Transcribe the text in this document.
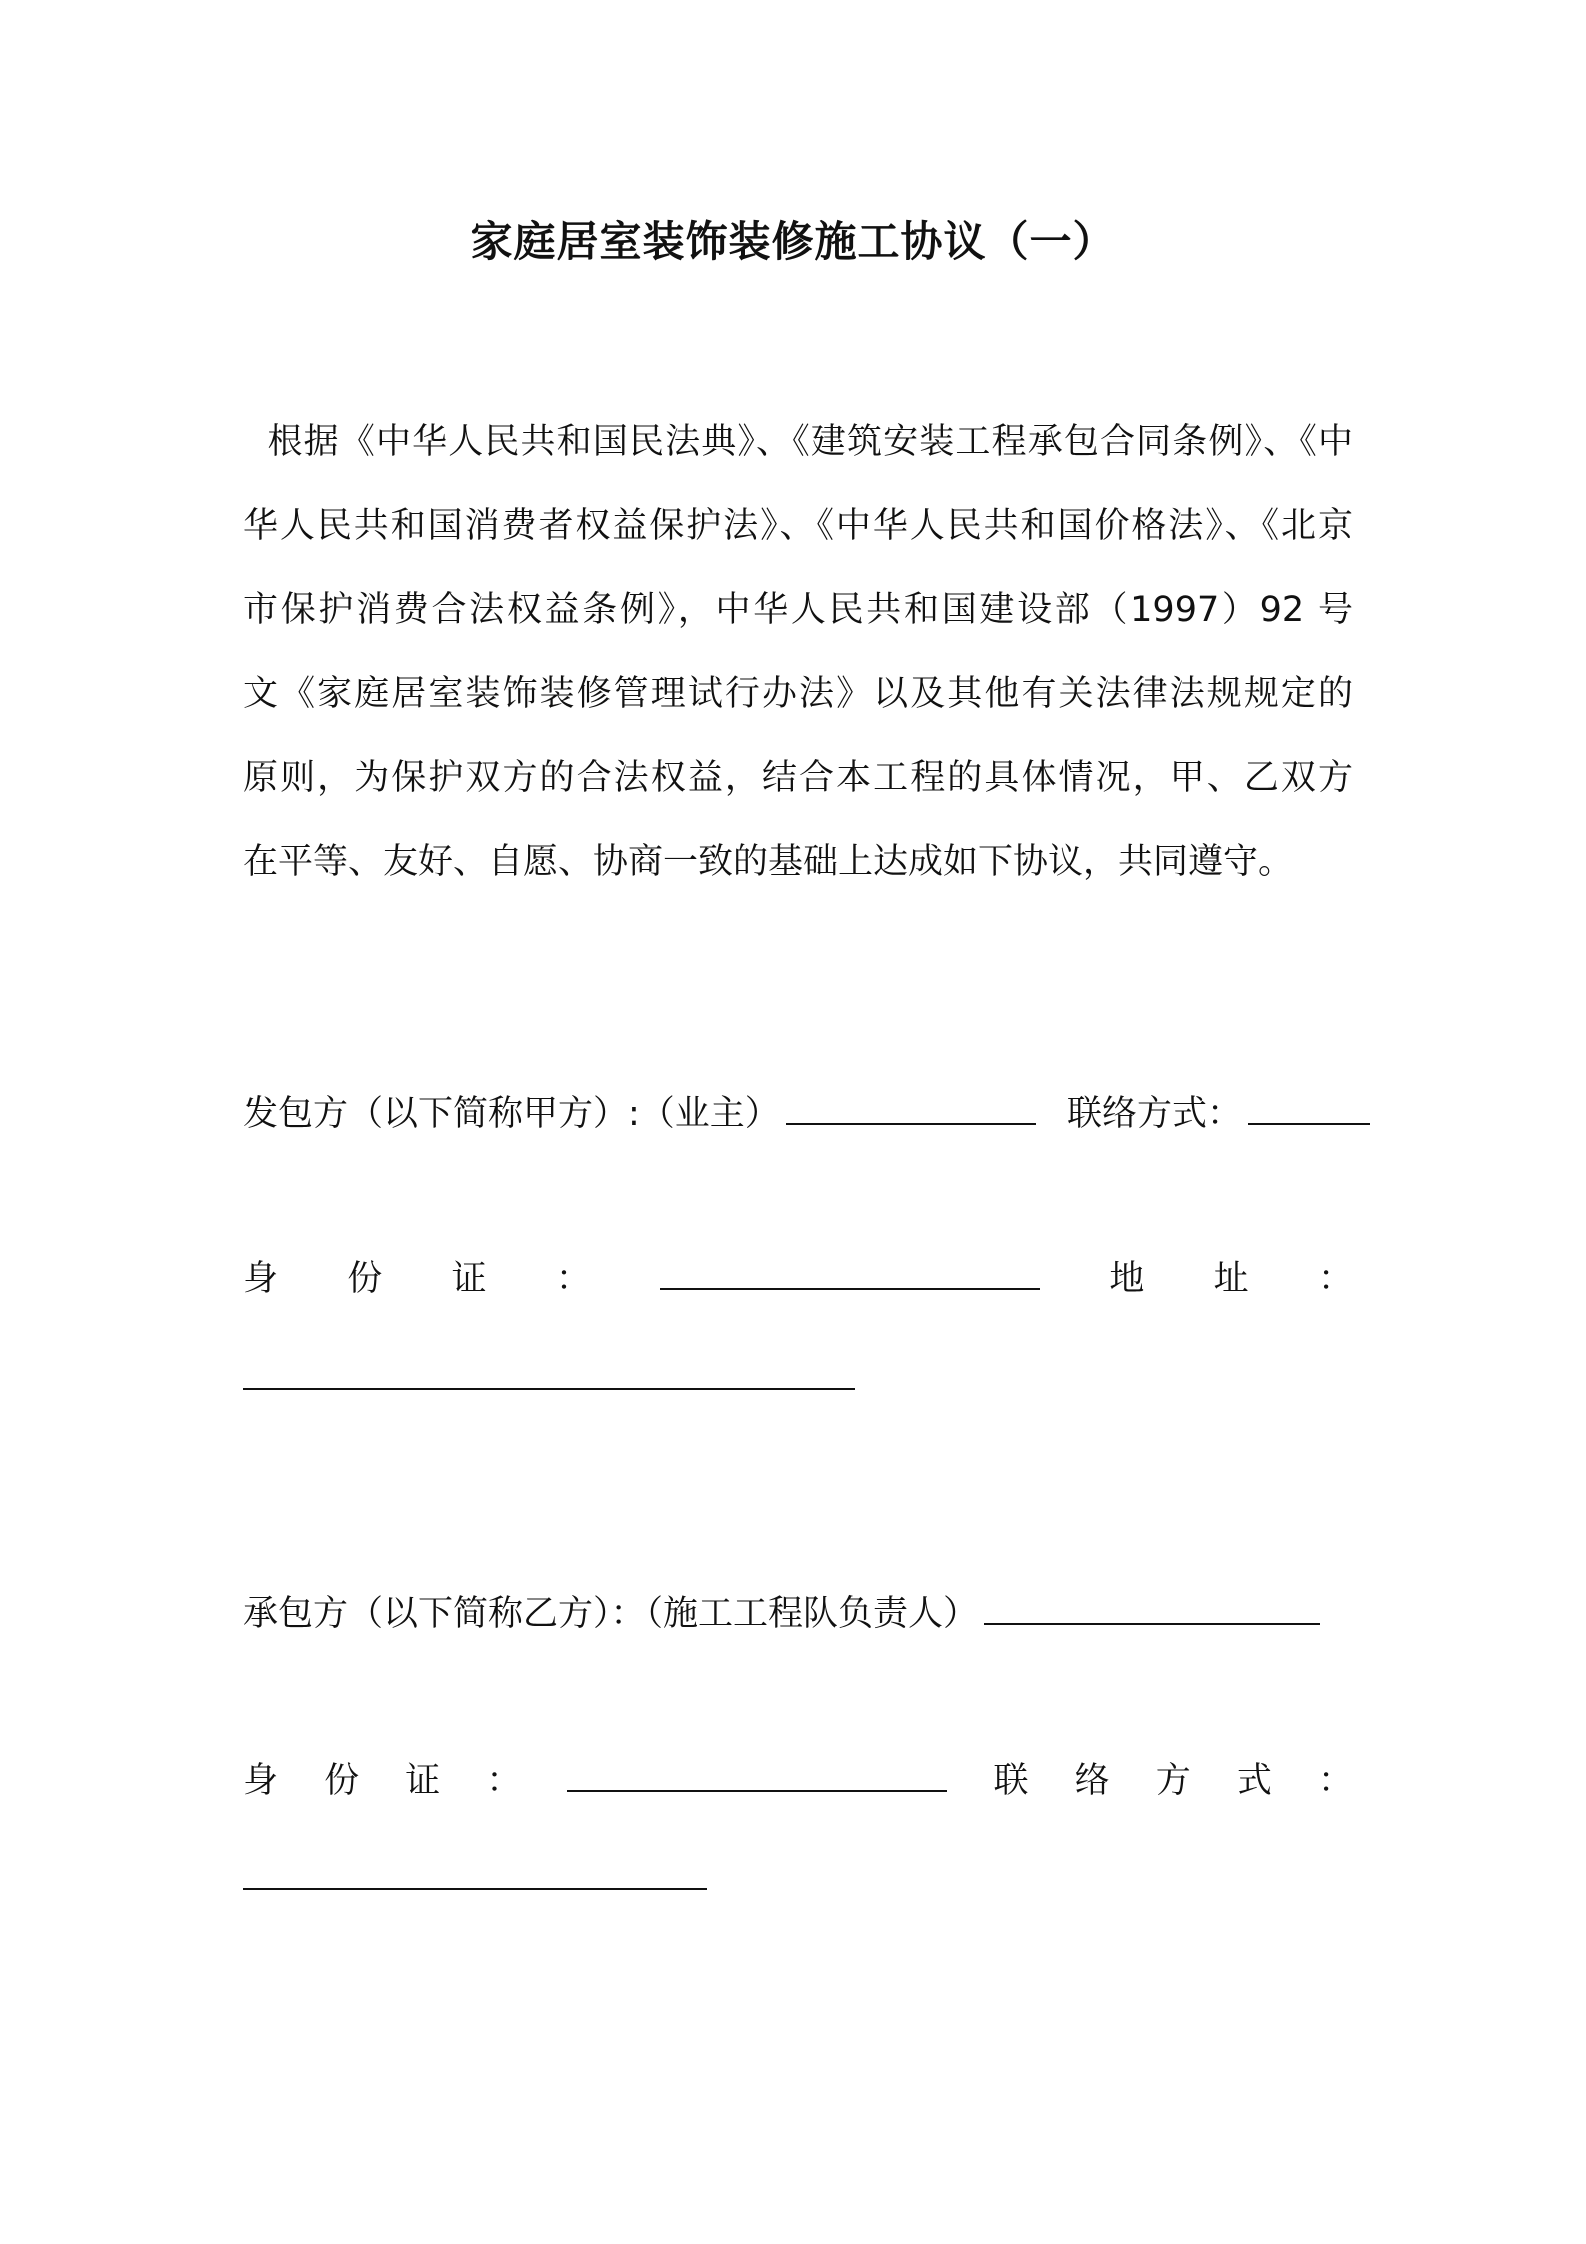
家庭居室装饰装修施工协议（一）
根据《中华人民共和国民法典》、《建筑安装工程承包合同条例》、《中
华人民共和国消费者权益保护法》、《中华人民共和国价格法》、《北京
市保护消费合法权益条例》，中华人民共和国建设部（1997）92 号
文《家庭居室装饰装修管理试行办法》以及其他有关法律法规规定的
原则，为保护双方的合法权益，结合本工程的具体情况，甲、乙双方
在平等、友好、自愿、协商一致的基础上达成如下协议，共同遵守。
发包方（以下简称甲方）:（业主）	联络方式：
身 份 证 ：	地 址 ：
承包方（以下简称乙方）：（施工工程队负责人）
身 份 证 ：	联 络 方 式 ：
